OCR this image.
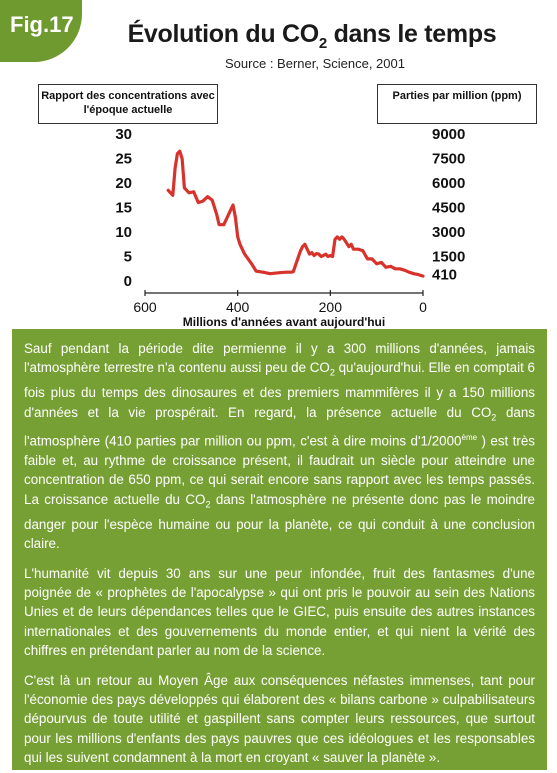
Fig.17	Évolution du $CO_2$ dans le temps
Source : Berner, Science, 2001
Rapport des concentrations avec l'époque actuelle
Parties par million (ppm)
600	400	200	0
30
25
20
15
10
5
0
9000
7500
6000
4500
3000
1500
410
Millions d'années avant aujourd'hui

Sauf pendant la période dite permienne il y a 300 millions d'années, jamais l'atmosphère terrestre n'a contenu aussi peu de $CO_2$ qu'aujourd'hui. Elle en comptait 6 fois plus du temps des dinosaures et des premiers mammifères il y a 150 millions d'années et la vie prospérait. En regard, la présence actuelle du $CO_2$ dans l'atmosphère (410 parties par million ou ppm, c'est à dire moins d'1/2000ème ) est très faible et, au rythme de croissance présent, il faudrait un siècle pour atteindre une concentration de 650 ppm, ce qui serait encore sans rapport avec les temps passés. La croissance actuelle du $CO_2$ dans l'atmosphère ne présente donc pas le moindre danger pour l'espèce humaine ou pour la planète, ce qui conduit à une conclusion claire.

L'humanité vit depuis 30 ans sur une peur infondée, fruit des fantasmes d'une poignée de « prophètes de l'apocalypse » qui ont pris le pouvoir au sein des Nations Unies et de leurs dépendances telles que le GIEC, puis ensuite des autres instances internationales et des gouvernements du monde entier, et qui nient la vérité des chiffres en prétendant parler au nom de la science.

C'est là un retour au Moyen Âge aux conséquences néfastes immenses, tant pour l'économie des pays développés qui élaborent des « bilans carbone » culpabilisateurs dépourvus de toute utilité et gaspillent sans compter leurs ressources, que surtout pour les millions d'enfants des pays pauvres que ces idéologues et les responsables qui les suivent condamnent à la mort en croyant « sauver la planète ».
